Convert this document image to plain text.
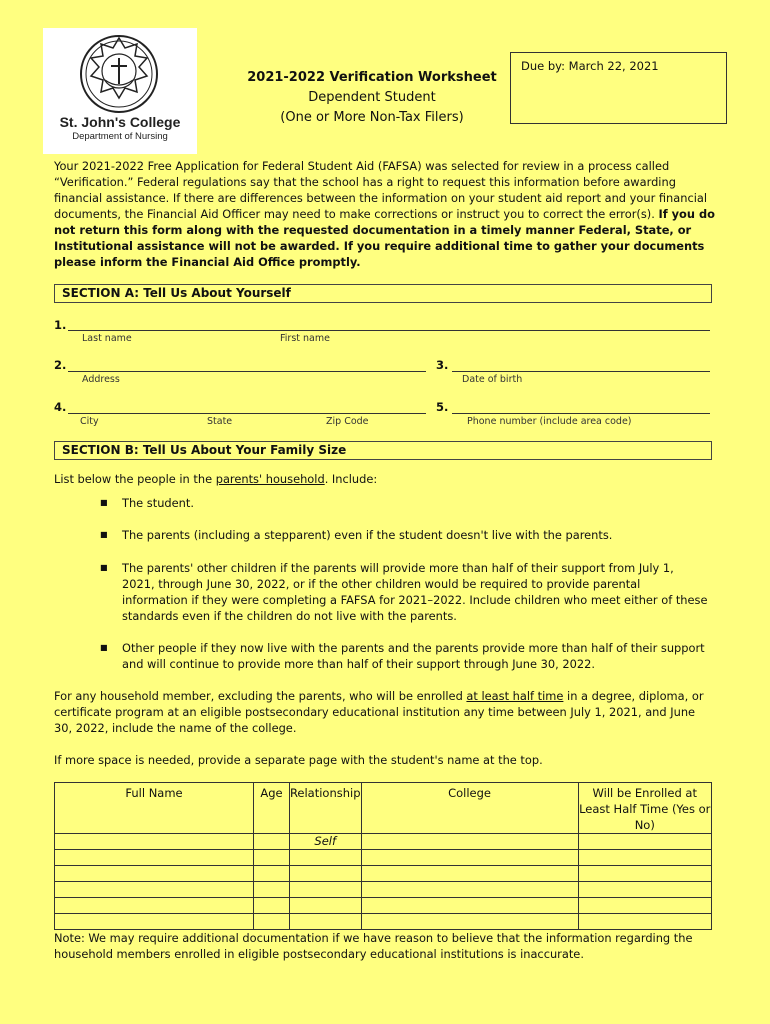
St. John's College
Department of Nursing
2021-2022 Verification Worksheet
Dependent Student
(One or More Non-Tax Filers)
Due by: March 22, 2021
Your 2021-2022 Free Application for Federal Student Aid (FAFSA) was selected for review in a process called “Verification.” Federal regulations say that the school has a right to request this information before awarding financial assistance. If there are differences between the information on your student aid report and your financial documents, the Financial Aid Officer may need to make corrections or instruct you to correct the error(s). If you do not return this form along with the requested documentation in a timely manner Federal, State, or Institutional assistance will not be awarded. If you require additional time to gather your documents please inform the Financial Aid Office promptly.
SECTION A: Tell Us About Yourself
1.
Last name	First name
2.
Address
3.
Date of birth
4.
City	State	Zip Code
5.
Phone number (include area code)
SECTION B: Tell Us About Your Family Size
List below the people in the parents' household. Include:
■ The student.
■ The parents (including a stepparent) even if the student doesn't live with the parents.
■ The parents' other children if the parents will provide more than half of their support from July 1, 2021, through June 30, 2022, or if the other children would be required to provide parental information if they were completing a FAFSA for 2021–2022. Include children who meet either of these standards even if the children do not live with the parents.
■ Other people if they now live with the parents and the parents provide more than half of their support and will continue to provide more than half of their support through June 30, 2022.
For any household member, excluding the parents, who will be enrolled at least half time in a degree, diploma, or certificate program at an eligible postsecondary educational institution any time between July 1, 2021, and June 30, 2022, include the name of the college.
If more space is needed, provide a separate page with the student's name at the top.
Full Name	Age	Relationship	College	Will be Enrolled at Least Half Time (Yes or No)
		Self		

Note: We may require additional documentation if we have reason to believe that the information regarding the household members enrolled in eligible postsecondary educational institutions is inaccurate.
